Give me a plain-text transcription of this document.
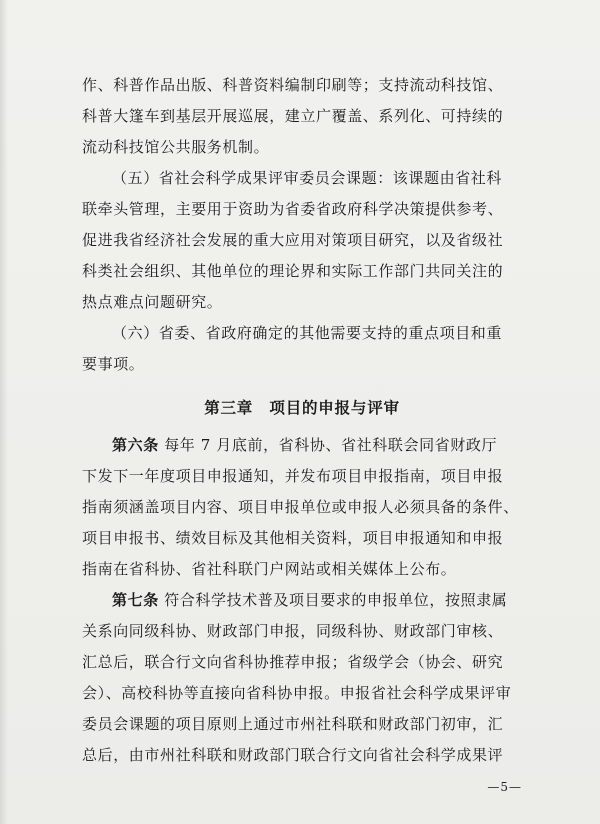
作、科普作品出版、科普资料编制印刷等；支持流动科技馆、
科普大篷车到基层开展巡展，建立广覆盖、系列化、可持续的
流动科技馆公共服务机制。
（五）省社会科学成果评审委员会课题：该课题由省社科
联牵头管理，主要用于资助为省委省政府科学决策提供参考、
促进我省经济社会发展的重大应用对策项目研究，以及省级社
科类社会组织、其他单位的理论界和实际工作部门共同关注的
热点难点问题研究。
（六）省委、省政府确定的其他需要支持的重点项目和重
要事项。
第三章　项目的申报与评审
第六条 每年 7 月底前，省科协、省社科联会同省财政厅
下发下一年度项目申报通知，并发布项目申报指南，项目申报
指南须涵盖项目内容、项目申报单位或申报人必须具备的条件、
项目申报书、绩效目标及其他相关资料，项目申报通知和申报
指南在省科协、省社科联门户网站或相关媒体上公布。
第七条 符合科学技术普及项目要求的申报单位，按照隶属
关系向同级科协、财政部门申报，同级科协、财政部门审核、
汇总后，联合行文向省科协推荐申报；省级学会（协会、研究
会）、高校科协等直接向省科协申报。申报省社会科学成果评审
委员会课题的项目原则上通过市州社科联和财政部门初审，汇
总后，由市州社科联和财政部门联合行文向省社会科学成果评
—5—
